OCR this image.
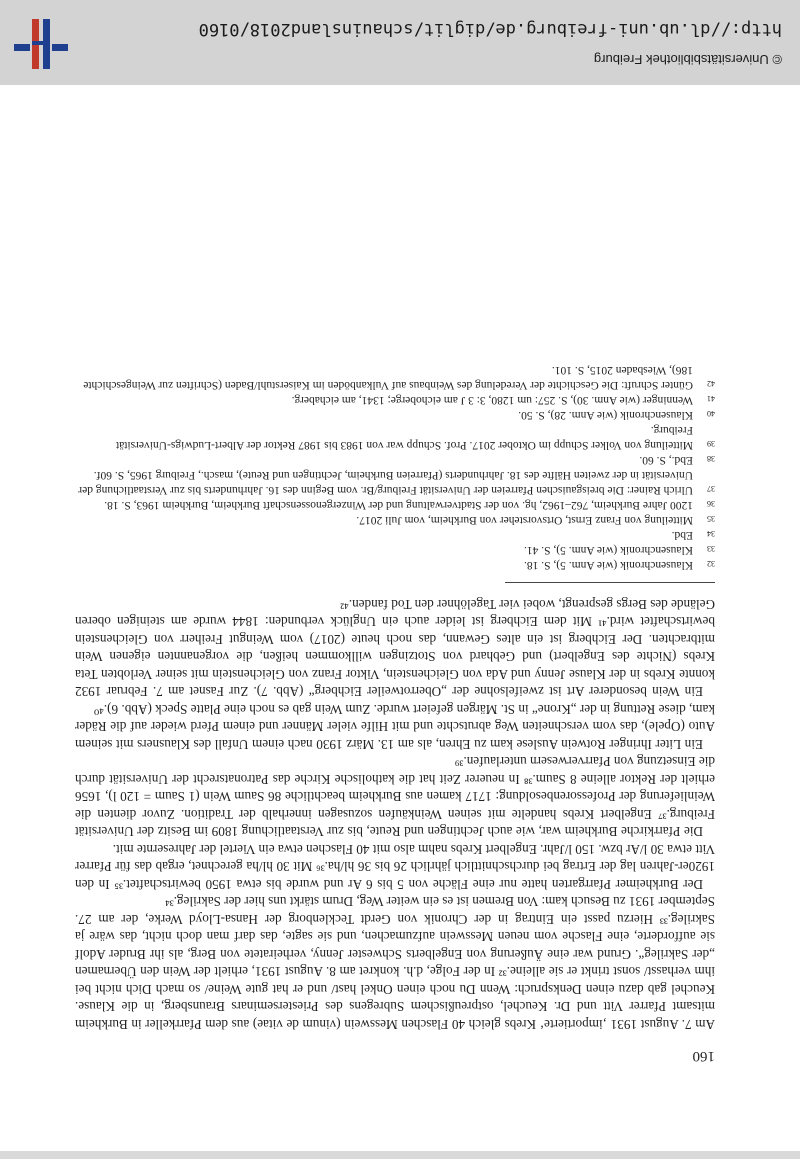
160

Am 7. August 1931 ‚importierte‘ Krebs gleich 40 Flaschen Messwein (vinum de vitae) aus dem Pfarrkeller in Burkheim mitsamt Pfarrer Vitt und Dr. Keuchel, ostpreußischem Subregens des Priesterseminars Braunsberg, in die Klause. Keuchel gab dazu einen Denkspruch: Wenn Du noch einen Onkel hast/ und er hat gute Weine/ so mach Dich nicht bei ihm verhasst/ sonst trinkt er sie alleine.³² In der Folge, d.h. konkret am 8. August 1931, erhielt der Wein den Übernamen „der Sakrileg“. Grund war eine Äußerung von Engelberts Schwester Jenny, verheiratete von Berg, als ihr Bruder Adolf sie aufforderte, eine Flasche vom neuen Messwein aufzumachen, und sie sagte, das darf man doch nicht, das wäre ja Sakrileg.³³ Hierzu passt ein Eintrag in der Chronik von Gerdt Tecklenborg der Hansa-Lloyd Werke, der am 27. September 1931 zu Besuch kam: Von Bremen ist es ein weiter Weg, Drum stärkt uns hier der Sakrileg.³⁴

Der Burkheimer Pfarrgarten hatte nur eine Fläche von 5 bis 6 Ar und wurde bis etwa 1950 bewirtschaftet.³⁵ In den 1920er-Jahren lag der Ertrag bei durchschnittlich jährlich 26 bis 36 hl/ha.³⁶ Mit 30 hl/ha gerechnet, ergab das für Pfarrer Vitt etwa 30 l/Ar bzw. 150 l/Jahr. Engelbert Krebs nahm also mit 40 Flaschen etwa ein Viertel der Jahresernte mit.

Die Pfarrkirche Burkheim war, wie auch Jechtingen und Reute, bis zur Verstaatlichung 1809 im Besitz der Universität Freiburg.³⁷ Engelbert Krebs handelte mit seinen Weinkäufen sozusagen innerhalb der Tradition. Zuvor dienten die Weinlieferung der Professorenbesoldung: 1717 kamen aus Burkheim beachtliche 86 Saum Wein (1 Saum = 120 l), 1656 erhielt der Rektor alleine 8 Saum.³⁸ In neuerer Zeit hat die katholische Kirche das Patronatsrecht der Universität durch die Einsetzung von Pfarrverwesern unterlaufen.³⁹

Ein Liter Ihringer Rotwein Auslese kam zu Ehren, als am 13. März 1930 nach einem Unfall des Klausners mit seinem Auto (Opele), das vom verschneiten Weg abrutschte und mit Hilfe vieler Männer und einem Pferd wieder auf die Räder kam, diese Rettung in der „Krone“ in St. Märgen gefeiert wurde. Zum Wein gab es noch eine Platte Speck (Abb. 6).⁴⁰

Ein Wein besonderer Art ist zweifelsohne der „Oberrotweiler Eichberg“ (Abb. 7). Zur Fasnet am 7. Februar 1932 konnte Krebs in der Klause Jenny und Ada von Gleichenstein, Viktor Franz von Gleichenstein mit seiner Verlobten Teta Krebs (Nichte des Engelbert) und Gebhard von Stotzingen willkommen heißen, die vorgenannten eigenen Wein mitbrachten. Der Eichberg ist ein altes Gewann, das noch heute (2017) vom Weingut Freiherr von Gleichenstein bewirtschaftet wird.⁴¹ Mit dem Eichberg ist leider auch ein Unglück verbunden: 1844 wurde am steinigen oberen Gelände des Bergs gesprengt, wobei vier Tagelöhner den Tod fanden.⁴²

32
Klausenchronik (wie Anm. 5), S. 18.
33
Klausenchronik (wie Anm. 5), S. 41.
34
Ebd.
35
Mitteilung von Franz Ernst, Ortsvorsteher von Burkheim, vom Juli 2017.
36
1200 Jahre Burkheim, 762–1962, hg. von der Stadtverwaltung und der Winzergenossenschaft Burkheim, Burkheim 1963, S. 18.
37
Ulrich Rainer: Die breisgauischen Pfarreien der Universität Freiburg/Br. vom Beginn des 16. Jahrhunderts bis zur Verstaatlichung der Universität in der zweiten Hälfte des 18. Jahrhunderts (Pfarreien Burkheim, Jechtingen und Reute), masch., Freiburg 1965, S. 60f.
38
Ebd., S. 60.
39
Mitteilung von Volker Schupp im Oktober 2017. Prof. Schupp war von 1983 bis 1987 Rektor der Albert-Ludwigs-Universität Freiburg.
40
Klausenchronik (wie Anm. 28), S. 50.
41
Wenninger (wie Anm. 30), S. 257: um 1280, 3: 3 J am eichoberge; 1341, am eichaberg.
42
Günter Schruft: Die Geschichte der Veredelung des Weinbaus auf Vulkanböden im Kaiserstuhl/Baden (Schriften zur Weingeschichte 186), Wiesbaden 2015, S. 101.
http://dl.ub.uni-freiburg.de/diglit/schauinsland2018/0160
© Universitätsbibliothek Freiburg
